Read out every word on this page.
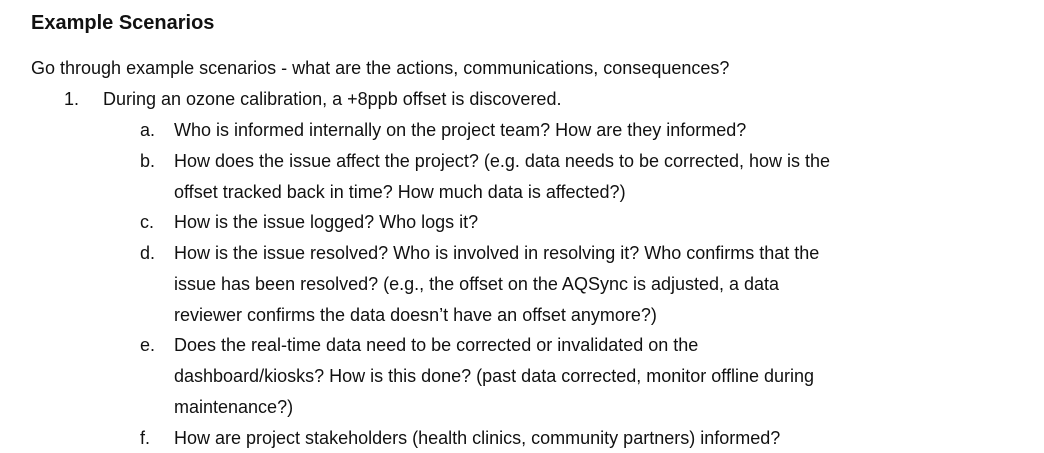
Example Scenarios
Go through example scenarios - what are the actions, communications, consequences?
1. During an ozone calibration, a +8ppb offset is discovered.
a. Who is informed internally on the project team? How are they informed?
b. How does the issue affect the project? (e.g. data needs to be corrected, how is the
offset tracked back in time? How much data is affected?)
c. How is the issue logged? Who logs it?
d. How is the issue resolved? Who is involved in resolving it? Who confirms that the
issue has been resolved? (e.g., the offset on the AQSync is adjusted, a data
reviewer confirms the data doesn’t have an offset anymore?)
e. Does the real-time data need to be corrected or invalidated on the
dashboard/kiosks? How is this done? (past data corrected, monitor offline during
maintenance?)
f. How are project stakeholders (health clinics, community partners) informed?
